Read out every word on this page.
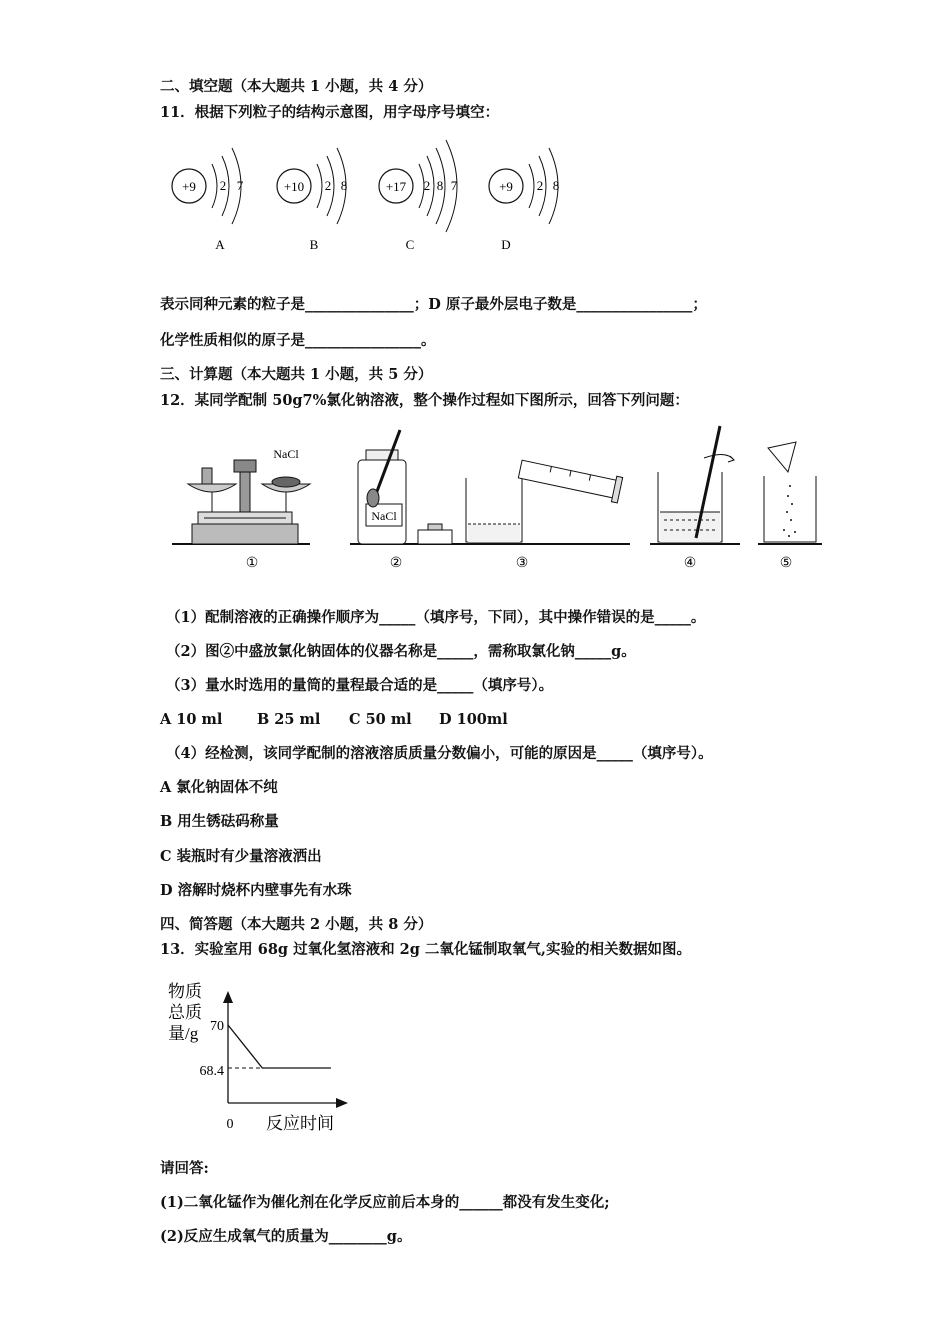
二、填空题（本大题共 1 小题，共 4 分）
11．根据下列粒子的结构示意图，用字母序号填空：
+9 2 7
A
+10 2 8
B
+17 2 8 7
C
+9 2 8
D
表示同种元素的粒子是_______________；D 原子最外层电子数是________________；
化学性质相似的原子是________________。
三、计算题（本大题共 1 小题，共 5 分）
12．某同学配制 50g7%氯化钠溶液，整个操作过程如下图所示，回答下列问题：
NaCl
①
NaCl
②	③	④	⑤
（1）配制溶液的正确操作顺序为_____（填序号，下同），其中操作错误的是_____。
（2）图②中盛放氯化钠固体的仪器名称是_____，需称取氯化钠_____g。
（3）量水时选用的量筒的量程最合适的是_____（填序号）。
A 10 ml B 25 ml C 50 ml D 100ml
（4）经检测，该同学配制的溶液溶质质量分数偏小，可能的原因是_____（填序号）。
A 氯化钠固体不纯
B 用生锈砝码称量
C 装瓶时有少量溶液洒出
D 溶解时烧杯内壁事先有水珠
四、简答题（本大题共 2 小题，共 8 分）
13．实验室用 68g 过氧化氢溶液和 2g 二氧化锰制取氧气,实验的相关数据如图。
物质
总质
量/g 70
68.4
0 反应时间
请回答:
(1)二氧化锰作为催化剂在化学反应前后本身的______都没有发生变化;
(2)反应生成氧气的质量为________g。
